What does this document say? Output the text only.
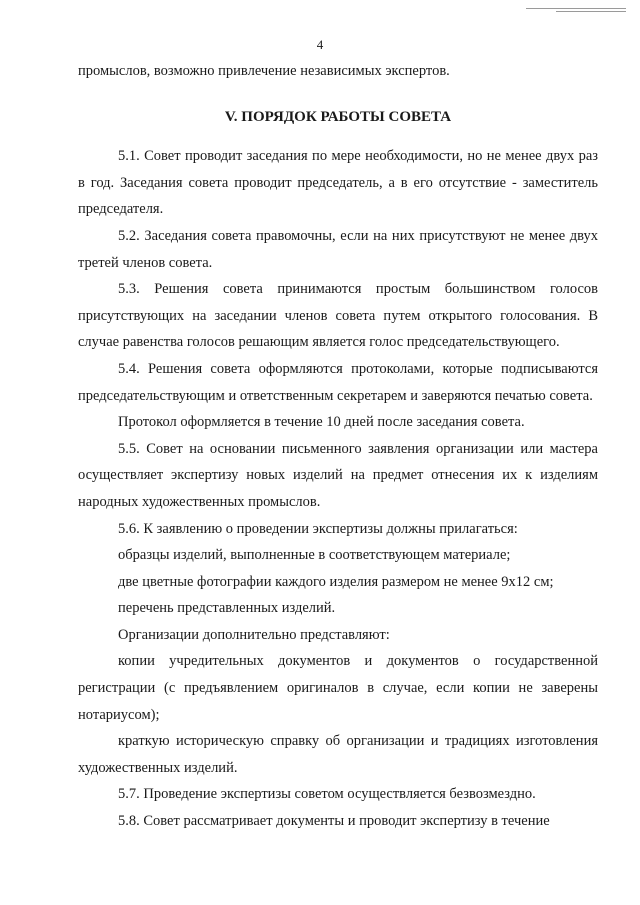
4

промыслов, возможно привлечение независимых экспертов.

V. ПОРЯДОК РАБОТЫ СОВЕТА

5.1. Совет проводит заседания по мере необходимости, но не менее двух раз в год. Заседания совета проводит председатель, а в его отсутствие - заместитель председателя.

5.2. Заседания совета правомочны, если на них присутствуют не менее двух третей членов совета.

5.3. Решения совета принимаются простым большинством голосов присутствующих на заседании членов совета путем открытого голосования. В случае равенства голосов решающим является голос председательствующего.

5.4. Решения совета оформляются протоколами, которые подписываются председательствующим и ответственным секретарем и заверяются печатью совета.

Протокол оформляется в течение 10 дней после заседания совета.

5.5. Совет на основании письменного заявления организации или мастера осуществляет экспертизу новых изделий на предмет отнесения их к изделиям народных художественных промыслов.

5.6. К заявлению о проведении экспертизы должны прилагаться:

образцы изделий, выполненные в соответствующем материале;

две цветные фотографии каждого изделия размером не менее 9x12 см;

перечень представленных изделий.

Организации дополнительно представляют:

копии учредительных документов и документов о государственной регистрации (с предъявлением оригиналов в случае, если копии не заверены нотариусом);

краткую историческую справку об организации и традициях изготовления художественных изделий.

5.7. Проведение экспертизы советом осуществляется безвозмездно.

5.8. Совет рассматривает документы и проводит экспертизу в течение
